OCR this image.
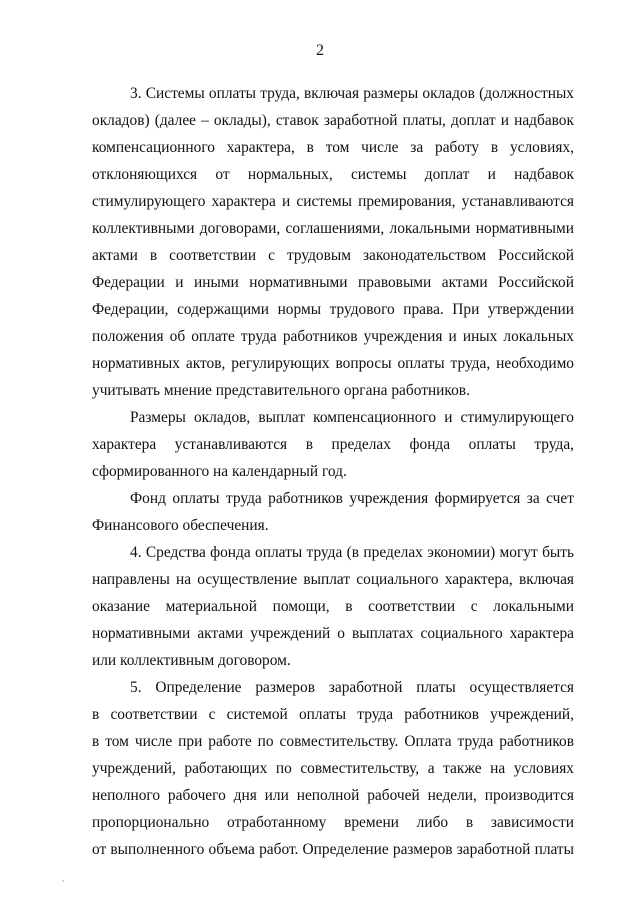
2
3. Системы оплаты труда, включая размеры окладов (должностных
окладов) (далее – оклады), ставок заработной платы, доплат и надбавок
компенсационного характера, в том числе за работу в условиях,
отклоняющихся от нормальных, системы доплат и надбавок
стимулирующего характера и системы премирования, устанавливаются
коллективными договорами, соглашениями, локальными нормативными
актами в соответствии с трудовым законодательством Российской
Федерации и иными нормативными правовыми актами Российской
Федерации, содержащими нормы трудового права. При утверждении
положения об оплате труда работников учреждения и иных локальных
нормативных актов, регулирующих вопросы оплаты труда, необходимо
учитывать мнение представительного органа работников.
Размеры окладов, выплат компенсационного и стимулирующего
характера устанавливаются в пределах фонда оплаты труда,
сформированного на календарный год.
Фонд оплаты труда работников учреждения формируется за счет
Финансового обеспечения.
4. Средства фонда оплаты труда (в пределах экономии) могут быть
направлены на осуществление выплат социального характера, включая
оказание материальной помощи, в соответствии с локальными
нормативными актами учреждений о выплатах социального характера
или коллективным договором.
5. Определение размеров заработной платы осуществляется
в соответствии с системой оплаты труда работников учреждений,
в том числе при работе по совместительству. Оплата труда работников
учреждений, работающих по совместительству, а также на условиях
неполного рабочего дня или неполной рабочей недели, производится
пропорционально отработанному времени либо в зависимости
от выполненного объема работ. Определение размеров заработной платы
